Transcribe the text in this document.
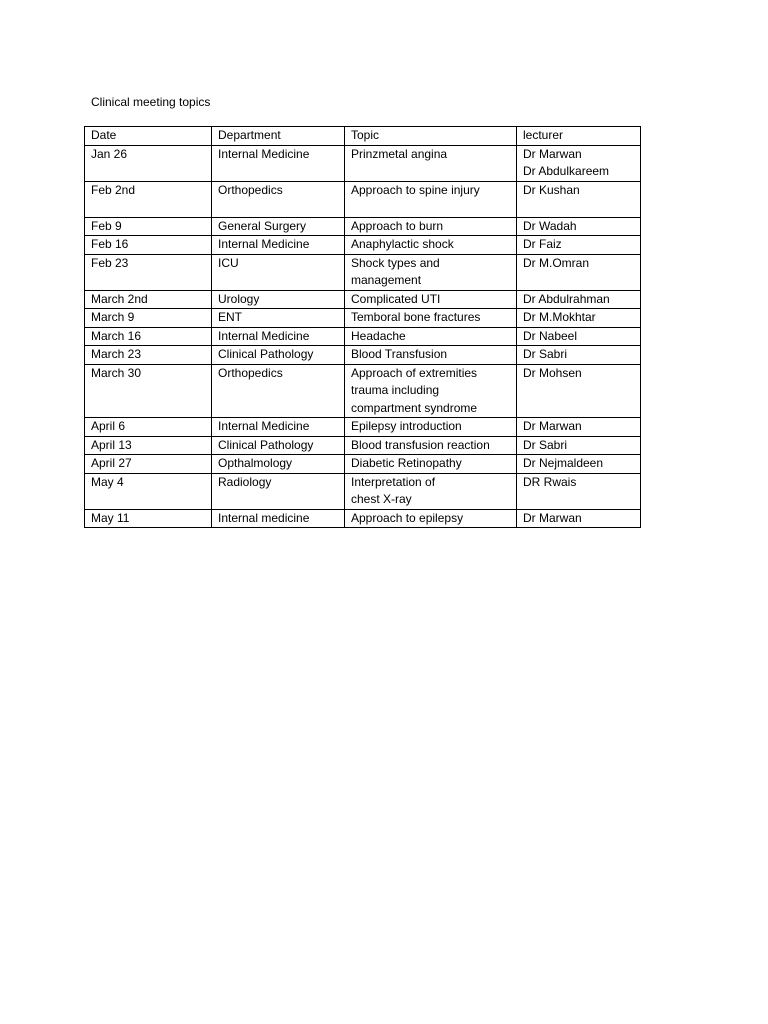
Clinical meeting topics
Date	Department	Topic	lecturer

Jan 26	Internal Medicine	Prinzmetal angina	Dr Marwan
Dr Abdulkareem

Feb 2nd	Orthopedics	Approach to spine injury	Dr Kushan

Feb 9	General Surgery	Approach to burn	Dr Wadah

Feb 16	Internal Medicine	Anaphylactic shock	Dr Faiz

Feb 23	ICU	Shock types and
management	Dr M.Omran

March 2nd	Urology	Complicated UTI	Dr Abdulrahman

March 9	ENT	Temboral bone fractures	Dr M.Mokhtar

March 16	Internal Medicine	Headache	Dr Nabeel

March 23	Clinical Pathology	Blood Transfusion	Dr Sabri

March 30	Orthopedics	Approach of extremities
trauma including
compartment syndrome	Dr Mohsen

April 6	Internal Medicine	Epilepsy introduction	Dr Marwan

April 13	Clinical Pathology	Blood transfusion reaction	Dr Sabri

April 27	Opthalmology	Diabetic Retinopathy	Dr Nejmaldeen

May 4	Radiology	Interpretation of
chest X-ray	DR Rwais

May 11	Internal medicine	Approach to epilepsy	Dr Marwan
